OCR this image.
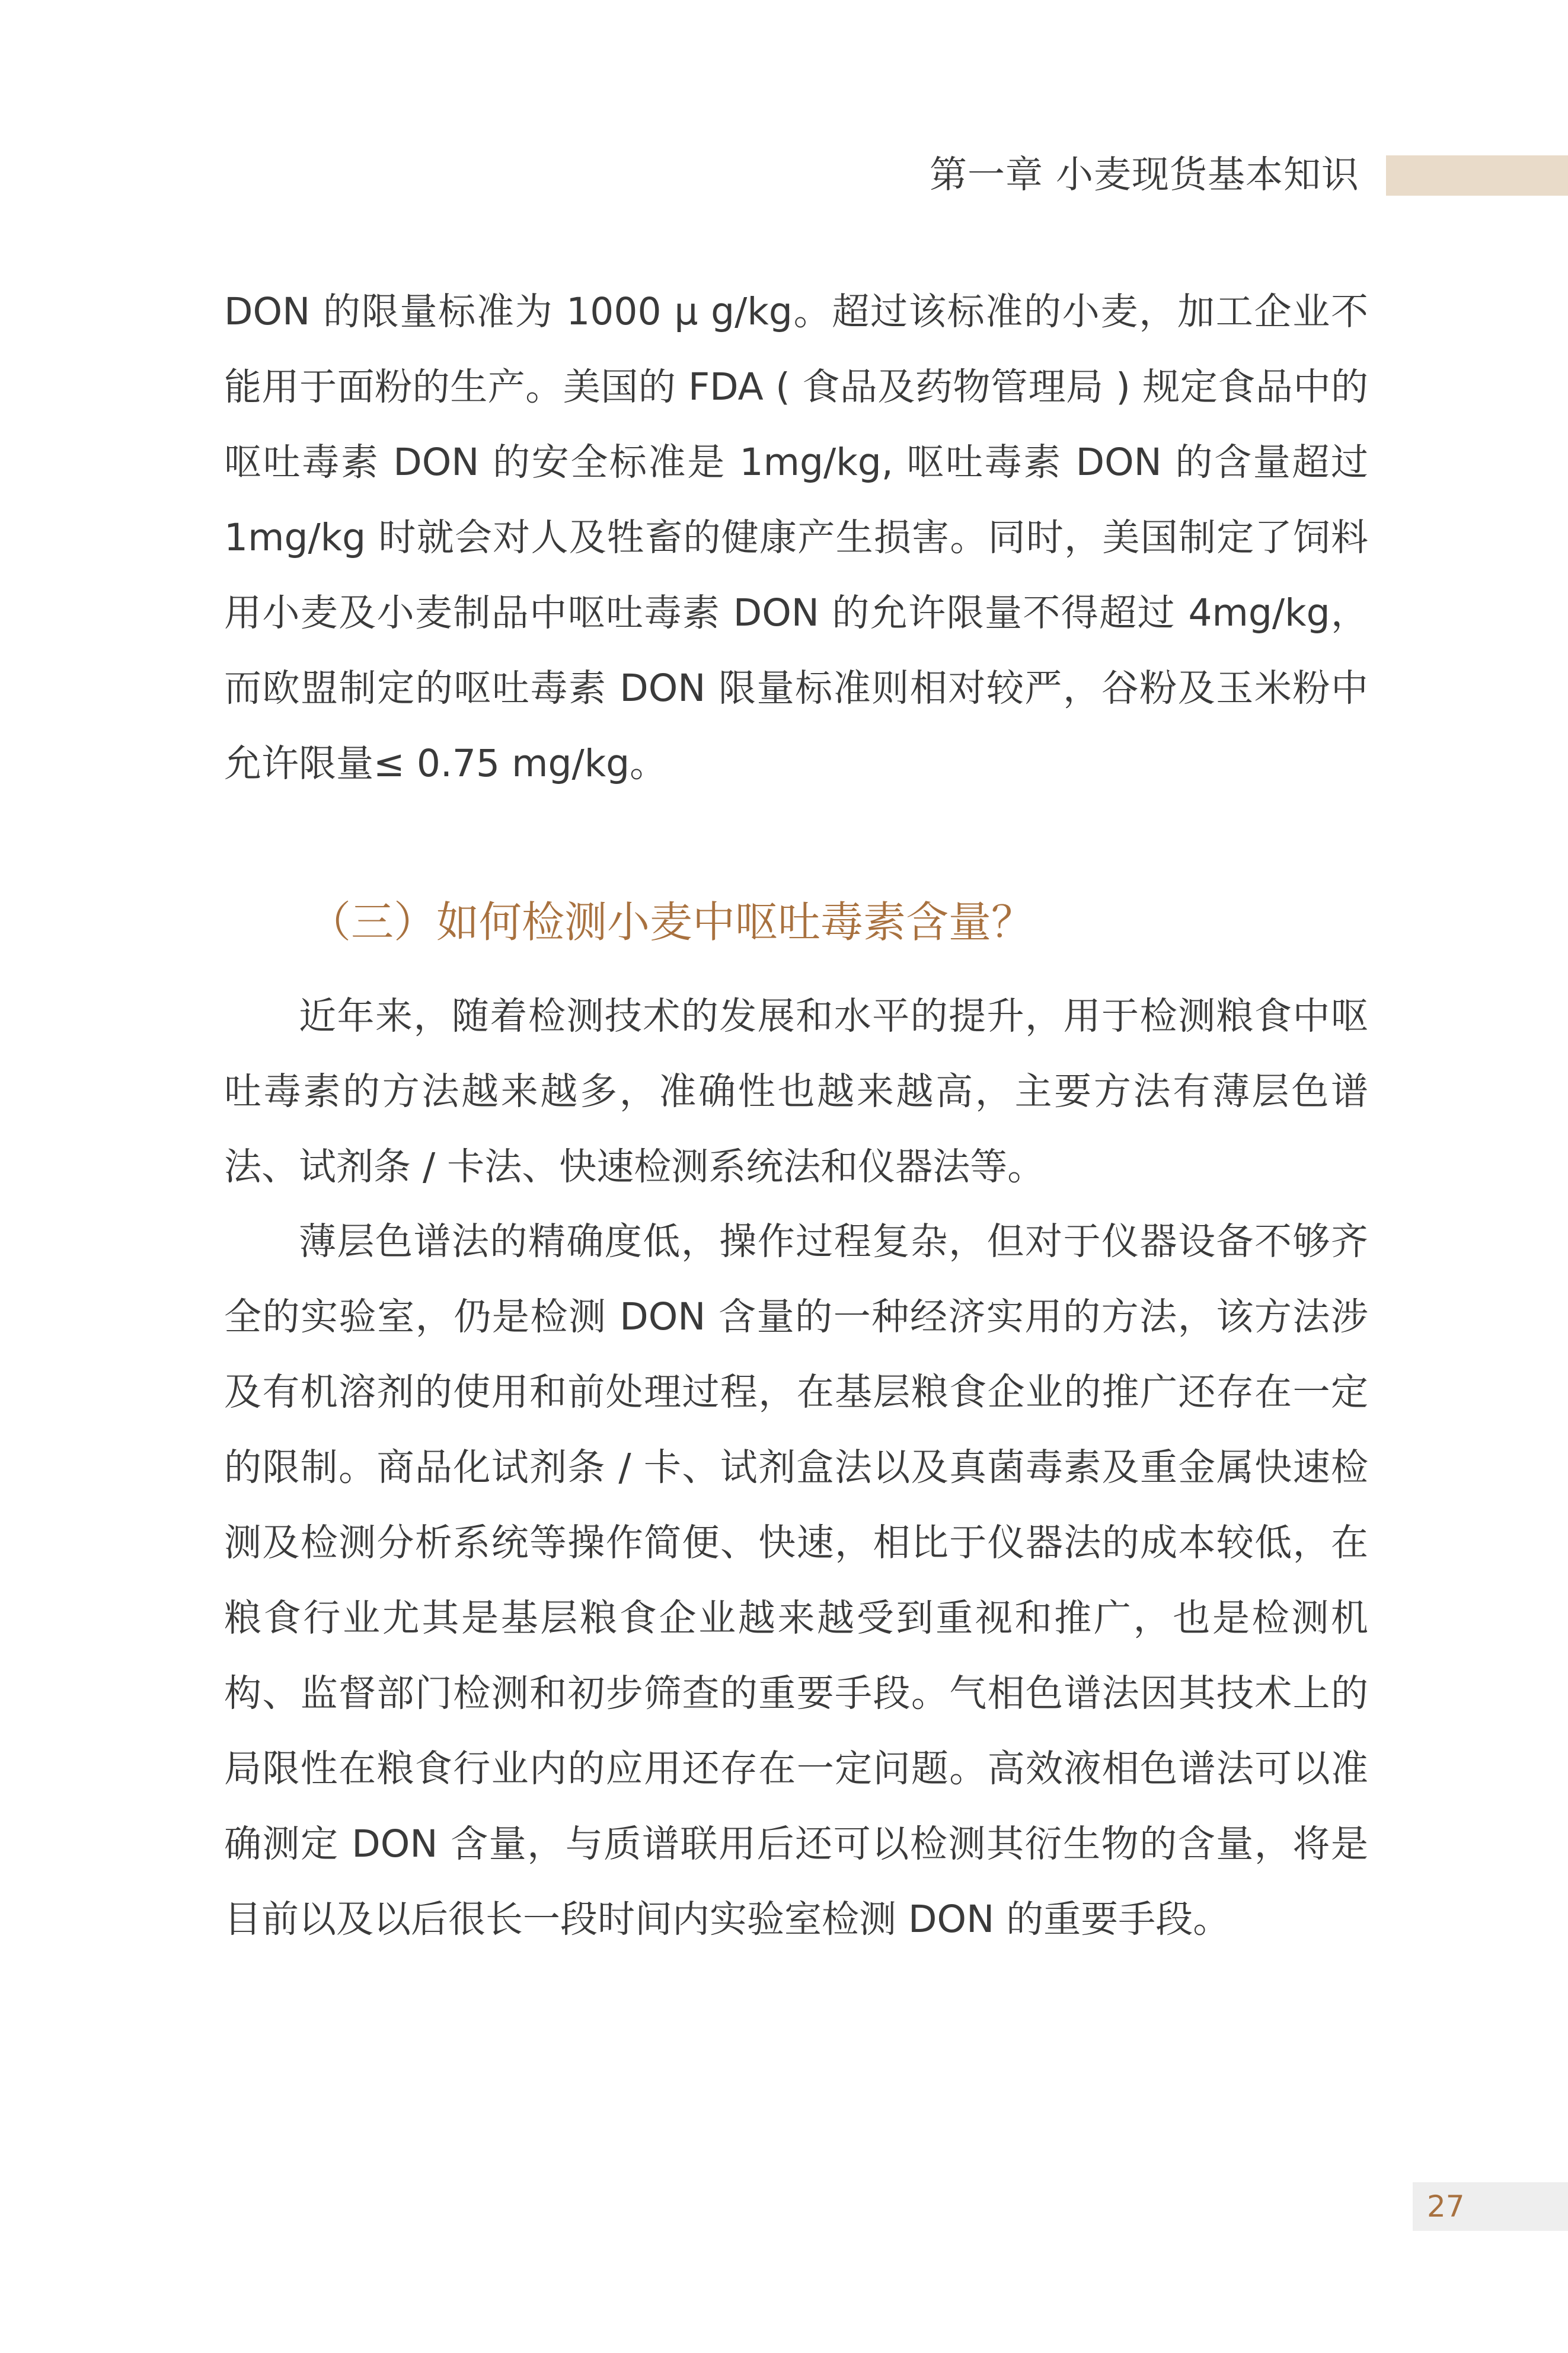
第一章 小麦现货基本知识

DON 的限量标准为 1000 μ g/kg。超过该标准的小麦，加工企业不能用于面粉的生产。美国的 FDA ( 食品及药物管理局 ) 规定食品中的呕吐毒素 DON 的安全标准是 1mg/kg, 呕吐毒素 DON 的含量超过 1mg/kg 时就会对人及牲畜的健康产生损害。同时，美国制定了饲料用小麦及小麦制品中呕吐毒素 DON 的允许限量不得超过 4mg/kg，而欧盟制定的呕吐毒素 DON 限量标准则相对较严，谷粉及玉米粉中允许限量≤ 0.75 mg/kg。

（三）如何检测小麦中呕吐毒素含量？

近年来，随着检测技术的发展和水平的提升，用于检测粮食中呕吐毒素的方法越来越多，准确性也越来越高，主要方法有薄层色谱法、试剂条 / 卡法、快速检测系统法和仪器法等。

薄层色谱法的精确度低，操作过程复杂，但对于仪器设备不够齐全的实验室，仍是检测 DON 含量的一种经济实用的方法，该方法涉及有机溶剂的使用和前处理过程，在基层粮食企业的推广还存在一定的限制。商品化试剂条 / 卡、试剂盒法以及真菌毒素及重金属快速检测及检测分析系统等操作简便、快速，相比于仪器法的成本较低，在粮食行业尤其是基层粮食企业越来越受到重视和推广，也是检测机构、监督部门检测和初步筛查的重要手段。气相色谱法因其技术上的局限性在粮食行业内的应用还存在一定问题。高效液相色谱法可以准确测定 DON 含量，与质谱联用后还可以检测其衍生物的含量，将是目前以及以后很长一段时间内实验室检测 DON 的重要手段。

27
